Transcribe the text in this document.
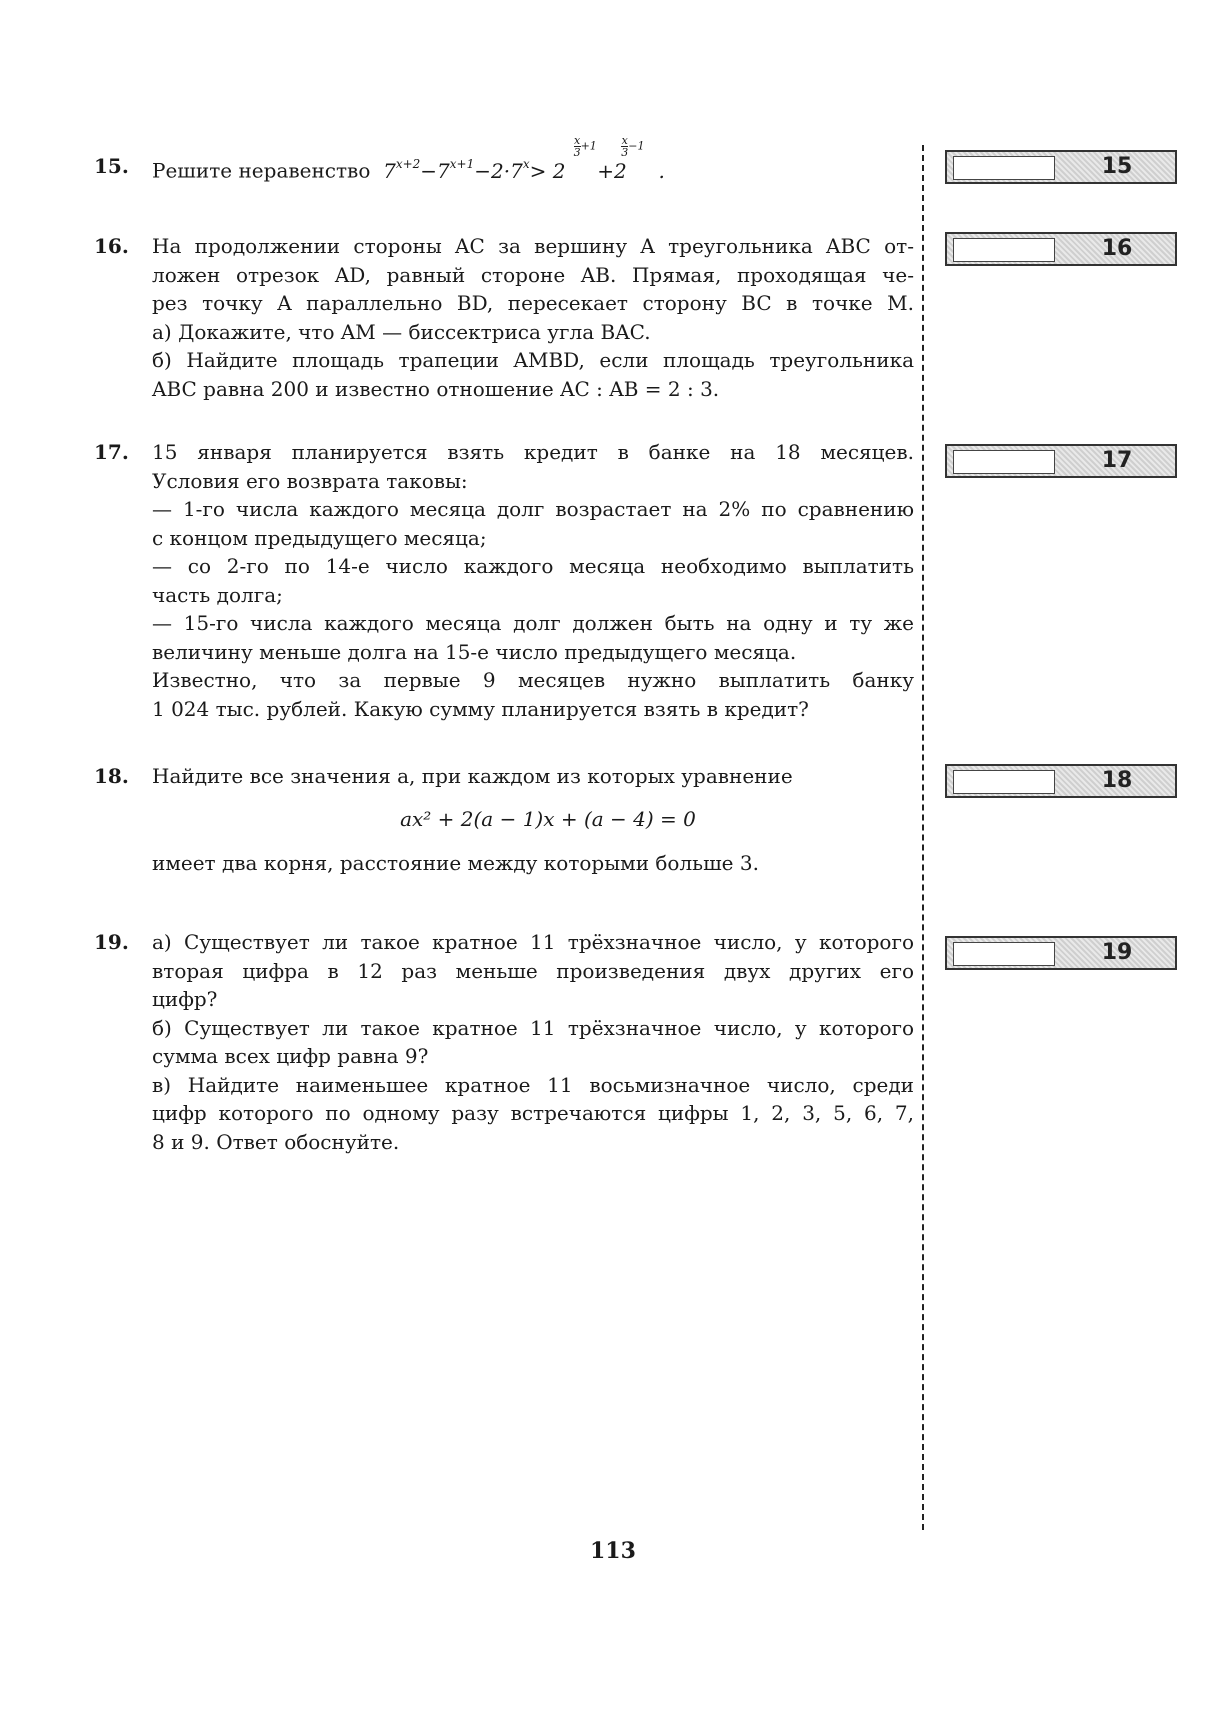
15.	Решите неравенство $7^{x+2}-7^{x+1}-2\cdot 7^x> 2$
$\frac{x}{3} +1$
+2
$\frac{x}{3} -1$
.
16.	На продолжении стороны AC за вершину A треугольника ABC от-
ложен отрезок AD, равный стороне AB. Прямая, проходящая че-
рез точку A параллельно BD, пересекает сторону BC в точке M.
а) Докажите, что AM — биссектриса угла BAC.
б) Найдите площадь трапеции AMBD, если площадь треугольника
ABC равна 200 и известно отношение AC : AB = 2 : 3.
17.	15 января планируется взять кредит в банке на 18 месяцев.
Условия его возврата таковы:
— 1-го числа каждого месяца долг возрастает на 2% по сравнению
с концом предыдущего месяца;
— со 2-го по 14-е число каждого месяца необходимо выплатить
часть долга;
— 15-го числа каждого месяца долг должен быть на одну и ту же
величину меньше долга на 15-е число предыдущего месяца.
Известно, что за первые 9 месяцев нужно выплатить банку
1 024 тыс. рублей. Какую сумму планируется взять в кредит?
18.	Найдите все значения a, при каждом из которых уравнение
ax² + 2(a − 1)x + (a − 4) = 0
имеет два корня, расстояние между которыми больше 3.
19.	а) Существует ли такое кратное 11 трёхзначное число, у которого
вторая цифра в 12 раз меньше произведения двух других его
цифр?
б) Существует ли такое кратное 11 трёхзначное число, у которого
сумма всех цифр равна 9?
в) Найдите наименьшее кратное 11 восьмизначное число, среди
цифр которого по одному разу встречаются цифры 1, 2, 3, 5, 6, 7,
8 и 9. Ответ обоснуйте.
15
16
17
18
19
113
